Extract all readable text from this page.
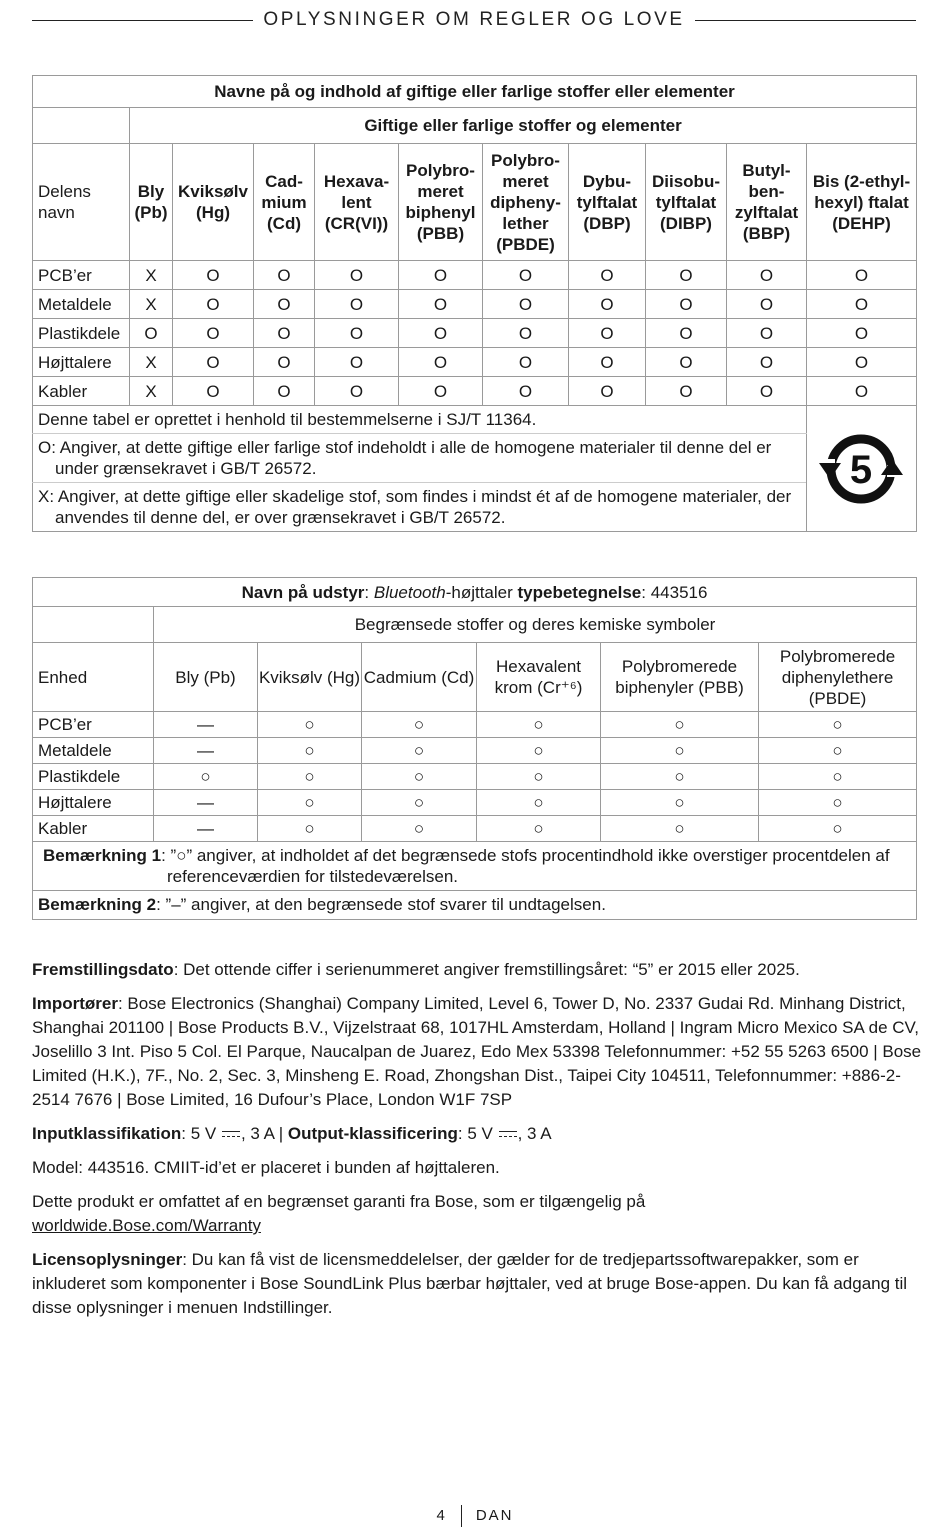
OPLYSNINGER OM REGLER OG LOVE
Navne på og indhold af giftige eller farlige stoffer eller elementer										
	Giftige eller farlige stoffer og elementer									
Delens navn	Bly (Pb)	Kviksølv (Hg)	Cad-mium (Cd)	Hexava-lent (CR(VI))	Polybro-meret biphenyl (PBB)	Polybro-meret dipheny-lether (PBDE)	Dybu-tylftalat (DBP)	Diisobu-tylftalat (DIBP)	Butyl-ben-zylftalat (BBP)	Bis (2-ethyl-hexyl) ftalat (DEHP)
PCB’er	X	O	O	O	O	O	O	O	O	O
Metaldele	X	O	O	O	O	O	O	O	O	O
Plastikdele	O	O	O	O	O	O	O	O	O	O
Højttalere	X	O	O	O	O	O	O	O	O	O
Kabler	X	O	O	O	O	O	O	O	O	O
Denne tabel er oprettet i henhold til bestemmelserne i SJ/T 11364.										5

O: Angiver, at dette giftige eller farlige stof indeholdt i alle de homogene materialer til denne del er under grænsekravet i GB/T 26572.										
X: Angiver, at dette giftige eller skadelige stof, som findes i mindst ét af de homogene materialer, der anvendes til denne del, er over grænsekravet i GB/T 26572.										
Navn på udstyr: Bluetooth-højttaler typebetegnelse: 443516						
	Begrænsede stoffer og deres kemiske symboler					
Enhed	Bly (Pb)	Kviksølv (Hg)	Cadmium (Cd)	Hexavalent krom (Cr⁺⁶)	Polybromerede biphenyler (PBB)	Polybromerede diphenylethere (PBDE)
PCB’er	—	○	○	○	○	○
Metaldele	—	○	○	○	○	○
Plastikdele	○	○	○	○	○	○
Højttalere	—	○	○	○	○	○
Kabler	—	○	○	○	○	○

Bemærkning 1: ”○” angiver, at indholdet af det begrænsede stofs procentindhold ikke overstiger procentdelen af referenceværdien for tilstedeværelsen.						

Bemærkning 2: ”–” angiver, at den begrænsede stof svarer til undtagelsen.						

Fremstillingsdato: Det ottende ciffer i serienummeret angiver fremstillingsåret: “5” er 2015 eller 2025.

Importører: Bose Electronics (Shanghai) Company Limited, Level 6, Tower D, No. 2337 Gudai Rd. Minhang District, Shanghai 201100 | Bose Products B.V., Vijzelstraat 68, 1017HL Amsterdam, Holland | Ingram Micro Mexico SA de CV, Joselillo 3 Int. Piso 5 Col. El Parque, Naucalpan de Juarez, Edo Mex 53398 Telefonnummer: +52 55 5263 6500 | Bose Limited (H.K.), 7F., No. 2, Sec. 3, Minsheng E. Road, Zhongshan Dist., Taipei City 104511, Telefonnummer: +886-2-2514 7676 | Bose Limited, 16 Dufour’s Place, London W1F 7SP

Inputklassifikation: 5 V
, 3 A | Output-klassificering: 5 V
, 3 A

Model: 443516. CMIIT-id’et er placeret i bunden af højttaleren.

Dette produkt er omfattet af en begrænset garanti fra Bose, som er tilgængelig på
worldwide.Bose.com/Warranty

Licensoplysninger: Du kan få vist de licensmeddelelser, der gælder for de tredjepartssoftwarepakker, som er inkluderet som komponenter i Bose SoundLink Plus bærbar højttaler, ved at bruge Bose-appen. Du kan få adgang til disse oplysninger i menuen Indstillinger.

4 DAN
